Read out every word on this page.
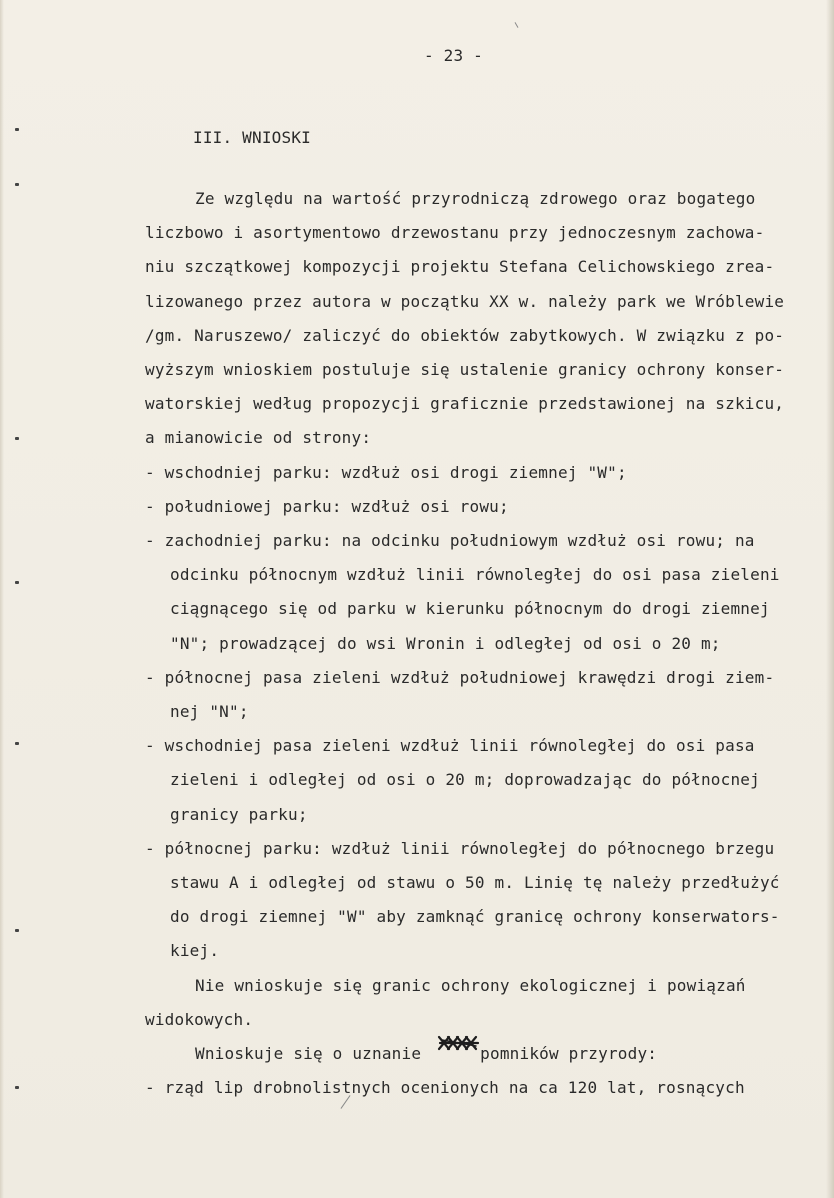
- 23 -
III. WNIOSKI
Ze względu na wartość przyrodniczą zdrowego oraz bogatego
liczbowo i asortymentowo drzewostanu przy jednoczesnym zachowa-
niu szczątkowej kompozycji projektu Stefana Celichowskiego zrea-
lizowanego przez autora w początku XX w. należy park we Wróblewie
/gm. Naruszewo/ zaliczyć do obiektów zabytkowych. W związku z po-
wyższym wnioskiem postuluje się ustalenie granicy ochrony konser-
watorskiej według propozycji graficznie przedstawionej na szkicu,
a mianowicie od strony:
- wschodniej parku: wzdłuż osi drogi ziemnej "W";
- południowej parku: wzdłuż osi rowu;
- zachodniej parku: na odcinku południowym wzdłuż osi rowu; na
odcinku północnym wzdłuż linii równoległej do osi pasa zieleni
ciągnącego się od parku w kierunku północnym do drogi ziemnej
"N"; prowadzącej do wsi Wronin i odległej od osi o 20 m;
- północnej pasa zieleni wzdłuż południowej krawędzi drogi ziem-
nej "N";
- wschodniej pasa zieleni wzdłuż linii równoległej do osi pasa
zieleni i odległej od osi o 20 m; doprowadzając do północnej
granicy parku;
- północnej parku: wzdłuż linii równoległej do północnego brzegu
stawu A i odległej od stawu o 50 m. Linię tę należy przedłużyć
do drogi ziemnej "W" aby zamknąć granicę ochrony konserwators-
kiej.
Nie wnioskuje się granic ochrony ekologicznej i powiązań
widokowych.
Wnioskuje się o uznanie      pomników przyrody:
- rząd lip drobnolistnych ocenionych na ca 120 lat, rosnących
